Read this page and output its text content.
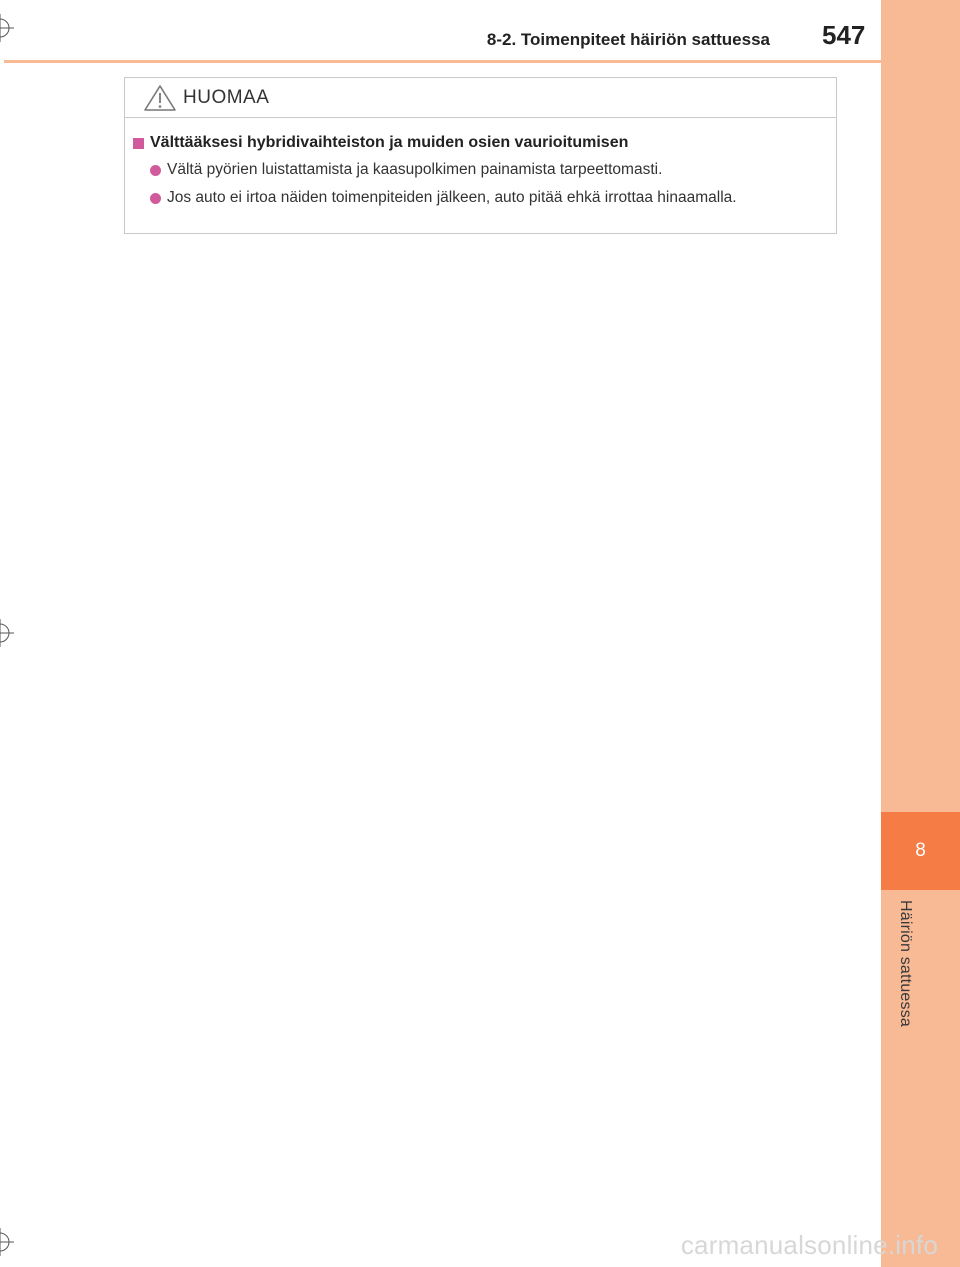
8
Häiriön sattuessa
8-2. Toimenpiteet häiriön sattuessa 547
HUOMAA
Välttääksesi hybridivaihteiston ja muiden osien vaurioitumisen
Vältä pyörien luistattamista ja kaasupolkimen painamista tarpeettomasti.
Jos auto ei irtoa näiden toimenpiteiden jälkeen, auto pitää ehkä irrottaa hinaamalla.
carmanualsonline.info
